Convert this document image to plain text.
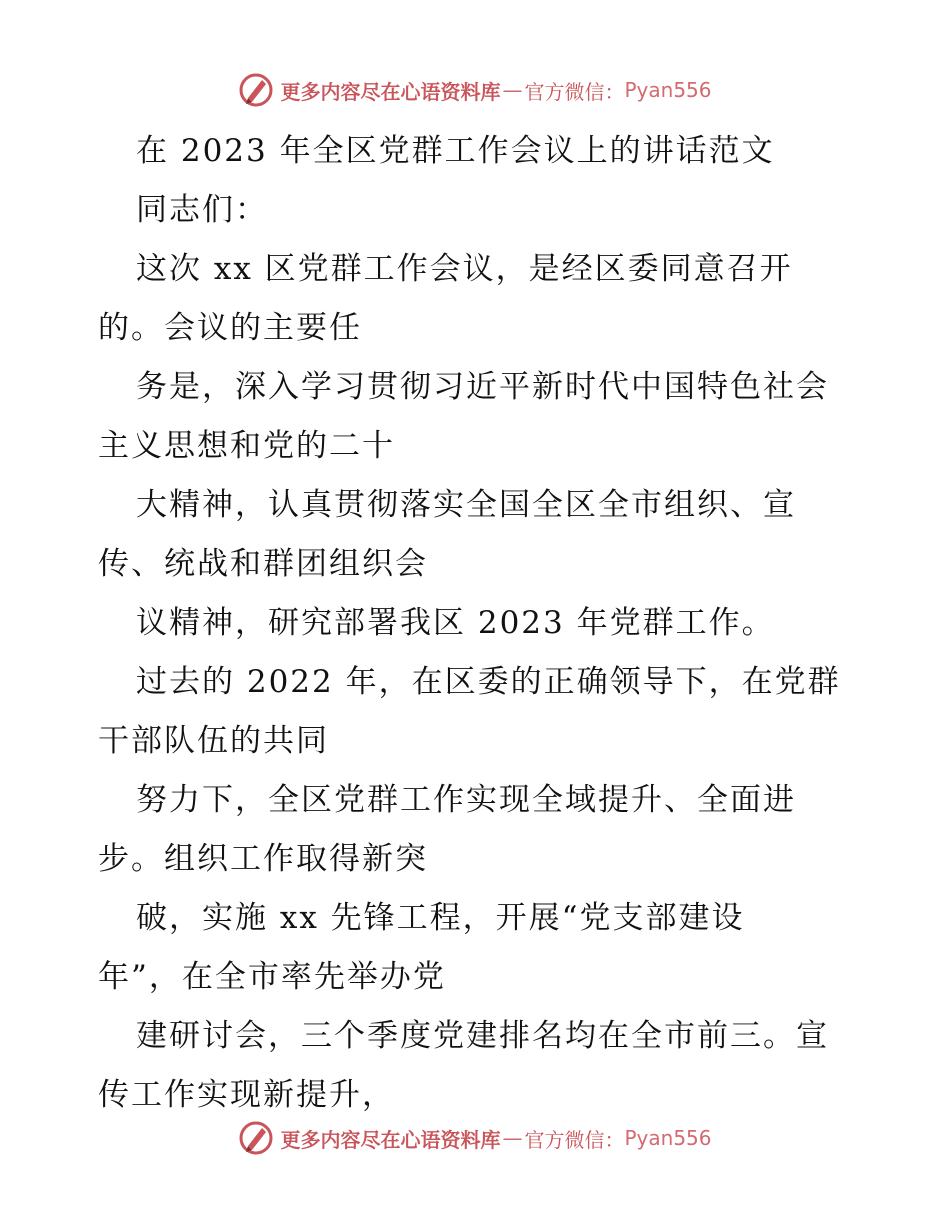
更多内容尽在心语资料库 — 官方微信： Pyan556
在 2023 年全区党群工作会议上的讲话范文
同志们：
这次 xx 区党群工作会议，是经区委同意召开
的。会议的主要任
务是，深入学习贯彻习近平新时代中国特色社会
主义思想和党的二十
大精神，认真贯彻落实全国全区全市组织、宣
传、统战和群团组织会
议精神，研究部署我区 2023 年党群工作。
过去的 2022 年，在区委的正确领导下，在党群
干部队伍的共同
努力下，全区党群工作实现全域提升、全面进
步。组织工作取得新突
破，实施 xx 先锋工程，开展“党支部建设
年”，在全市率先举办党
建研讨会，三个季度党建排名均在全市前三。宣
传工作实现新提升，
更多内容尽在心语资料库 — 官方微信： Pyan556
